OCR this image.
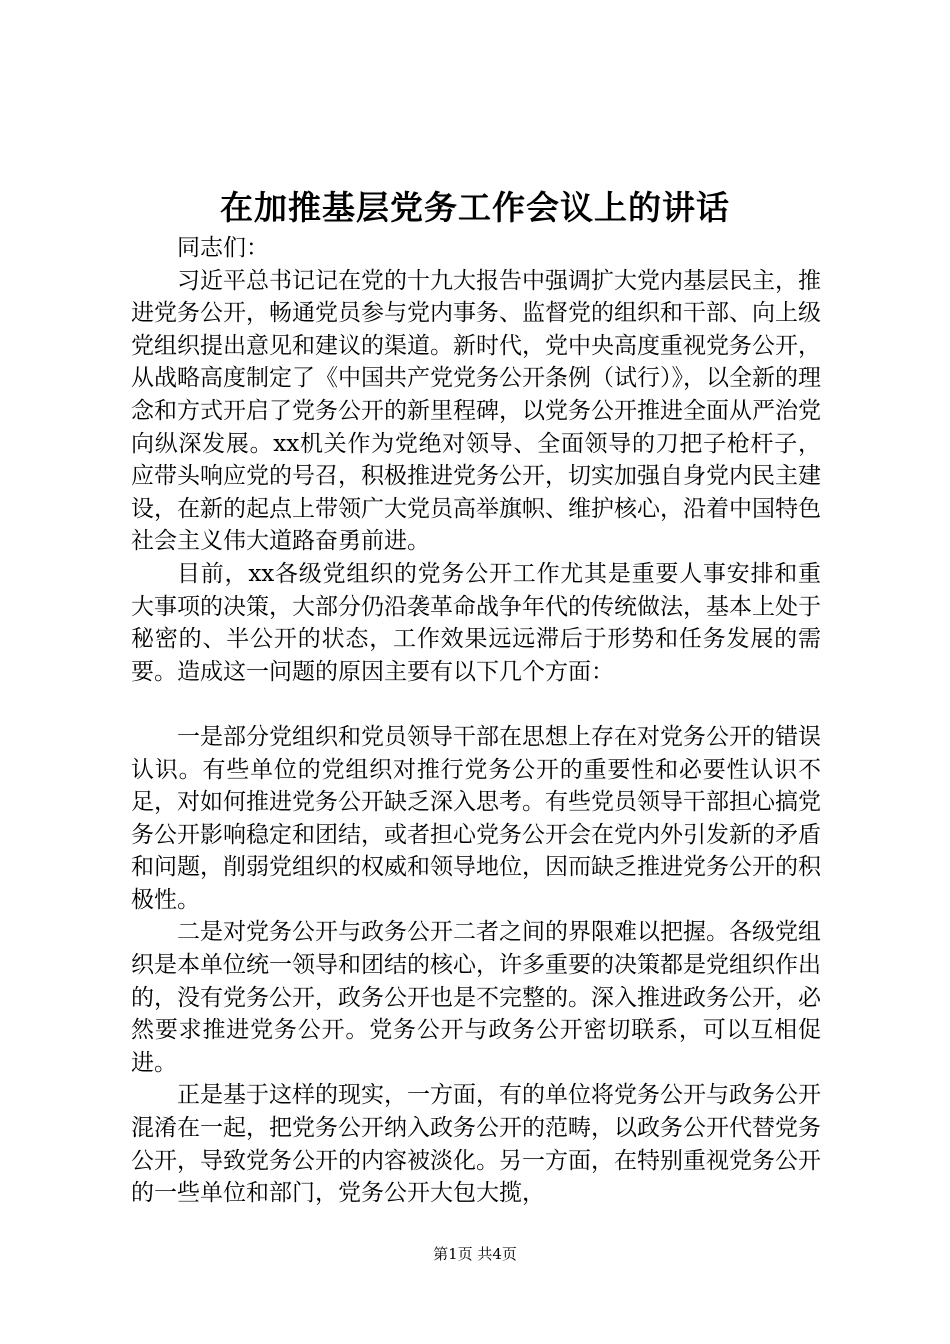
在加推基层党务工作会议上的讲话

同志们：

习近平总书记记在党的十九大报告中强调扩大党内基层民主，推进党务公开，畅通党员参与党内事务、监督党的组织和干部、向上级党组织提出意见和建议的渠道。新时代，党中央高度重视党务公开，从战略高度制定了《中国共产党党务公开条例（试行）》，以全新的理念和方式开启了党务公开的新里程碑，以党务公开推进全面从严治党向纵深发展。xx机关作为党绝对领导、全面领导的刀把子枪杆子，应带头响应党的号召，积极推进党务公开，切实加强自身党内民主建设，在新的起点上带领广大党员高举旗帜、维护核心，沿着中国特色社会主义伟大道路奋勇前进。

目前，xx各级党组织的党务公开工作尤其是重要人事安排和重大事项的决策，大部分仍沿袭革命战争年代的传统做法，基本上处于秘密的、半公开的状态，工作效果远远滞后于形势和任务发展的需要。造成这一问题的原因主要有以下几个方面：

一是部分党组织和党员领导干部在思想上存在对党务公开的错误认识。有些单位的党组织对推行党务公开的重要性和必要性认识不足，对如何推进党务公开缺乏深入思考。有些党员领导干部担心搞党务公开影响稳定和团结，或者担心党务公开会在党内外引发新的矛盾和问题，削弱党组织的权威和领导地位，因而缺乏推进党务公开的积极性。

二是对党务公开与政务公开二者之间的界限难以把握。各级党组织是本单位统一领导和团结的核心，许多重要的决策都是党组织作出的，没有党务公开，政务公开也是不完整的。深入推进政务公开，必然要求推进党务公开。党务公开与政务公开密切联系，可以互相促进。

正是基于这样的现实，一方面，有的单位将党务公开与政务公开混淆在一起，把党务公开纳入政务公开的范畴，以政务公开代替党务公开，导致党务公开的内容被淡化。另一方面，在特别重视党务公开的一些单位和部门，党务公开大包大揽，

第1页 共4页
